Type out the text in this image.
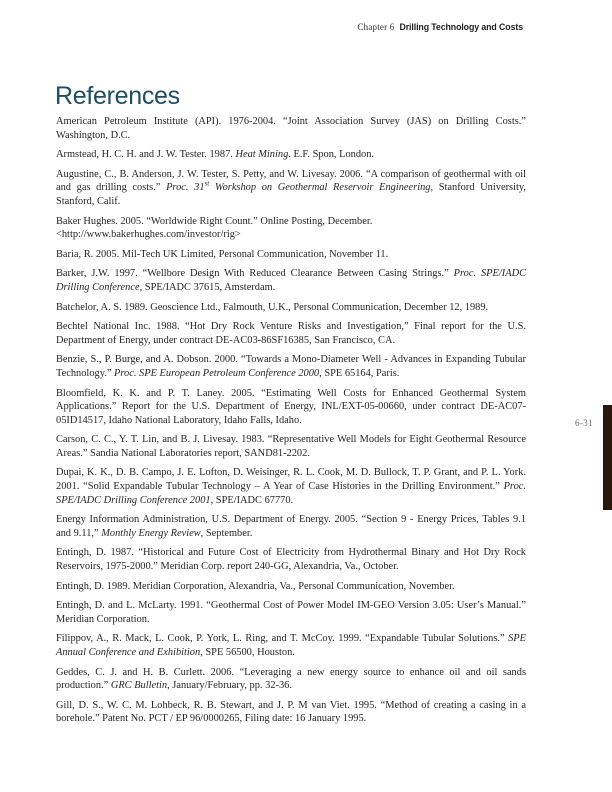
Chapter 6 Drilling Technology and Costs
References

American Petroleum Institute (API). 1976-2004. “Joint Association Survey (JAS) on Drilling Costs.” Washington, D.C.

Armstead, H. C. H. and J. W. Tester. 1987. Heat Mining. E.F. Spon, London.

Augustine, C., B. Anderson, J. W. Tester, S. Petty, and W. Livesay. 2006. “A comparison of geothermal with oil and gas drilling costs.” Proc. 31st Workshop on Geothermal Reservoir Engineering, Stanford University, Stanford, Calif.

Baker Hughes. 2005. “Worldwide Right Count.” Online Posting, December.
<http://www.bakerhughes.com/investor/rig>

Baria, R. 2005. Mil-Tech UK Limited, Personal Communication, November 11.

Barker, J.W. 1997. “Wellbore Design With Reduced Clearance Between Casing Strings.” Proc. SPE/IADC Drilling Conference, SPE/IADC 37615, Amsterdam.

Batchelor, A. S. 1989. Geoscience Ltd., Falmouth, U.K., Personal Communication, December 12, 1989.

Bechtel National Inc. 1988. “Hot Dry Rock Venture Risks and Investigation,” Final report for the U.S. Department of Energy, under contract DE-AC03-86SF16385, San Francisco, CA.

Benzie, S., P. Burge, and A. Dobson. 2000. “Towards a Mono-Diameter Well - Advances in Expanding Tubular Technology.” Proc. SPE European Petroleum Conference 2000, SPE 65164, Paris.

Bloomfield, K. K. and P. T. Laney. 2005. “Estimating Well Costs for Enhanced Geothermal System Applications.” Report for the U.S. Department of Energy, INL/EXT-05-00660, under contract DE-AC07-05ID14517, Idaho National Laboratory, Idaho Falls, Idaho.

Carson, C. C., Y. T. Lin, and B. J. Livesay. 1983. “Representative Well Models for Eight Geothermal Resource Areas.” Sandia National Laboratories report, SAND81-2202.

Dupai, K. K., D. B. Campo, J. E. Lofton, D. Weisinger, R. L. Cook, M. D. Bullock, T. P. Grant, and P. L. York. 2001. “Solid Expandable Tubular Technology – A Year of Case Histories in the Drilling Environment.” Proc. SPE/IADC Drilling Conference 2001, SPE/IADC 67770.

Energy Information Administration, U.S. Department of Energy. 2005. “Section 9 - Energy Prices, Tables 9.1 and 9.11,” Monthly Energy Review, September.

Entingh, D. 1987. “Historical and Future Cost of Electricity from Hydrothermal Binary and Hot Dry Rock Reservoirs, 1975-2000.” Meridian Corp. report 240-GG, Alexandria, Va., October.

Entingh, D. 1989. Meridian Corporation, Alexandria, Va., Personal Communication, November.

Entingh, D. and L. McLarty. 1991. “Geothermal Cost of Power Model IM-GEO Version 3.05: User’s Manual.” Meridian Corporation.

Filippov, A., R. Mack, L. Cook, P. York, L. Ring, and T. McCoy. 1999. “Expandable Tubular Solutions.” SPE Annual Conference and Exhibition, SPE 56500, Houston.

Geddes, C. J. and H. B. Curlett. 2006. “Leveraging a new energy source to enhance oil and oil sands production.” GRC Bulletin, January/February, pp. 32-36.

Gill, D. S., W. C. M. Lohbeck, R. B. Stewart, and J. P. M van Viet. 1995. “Method of creating a casing in a borehole.” Patent No. PCT / EP 96/0000265, Filing date: 16 January 1995.

6-31
